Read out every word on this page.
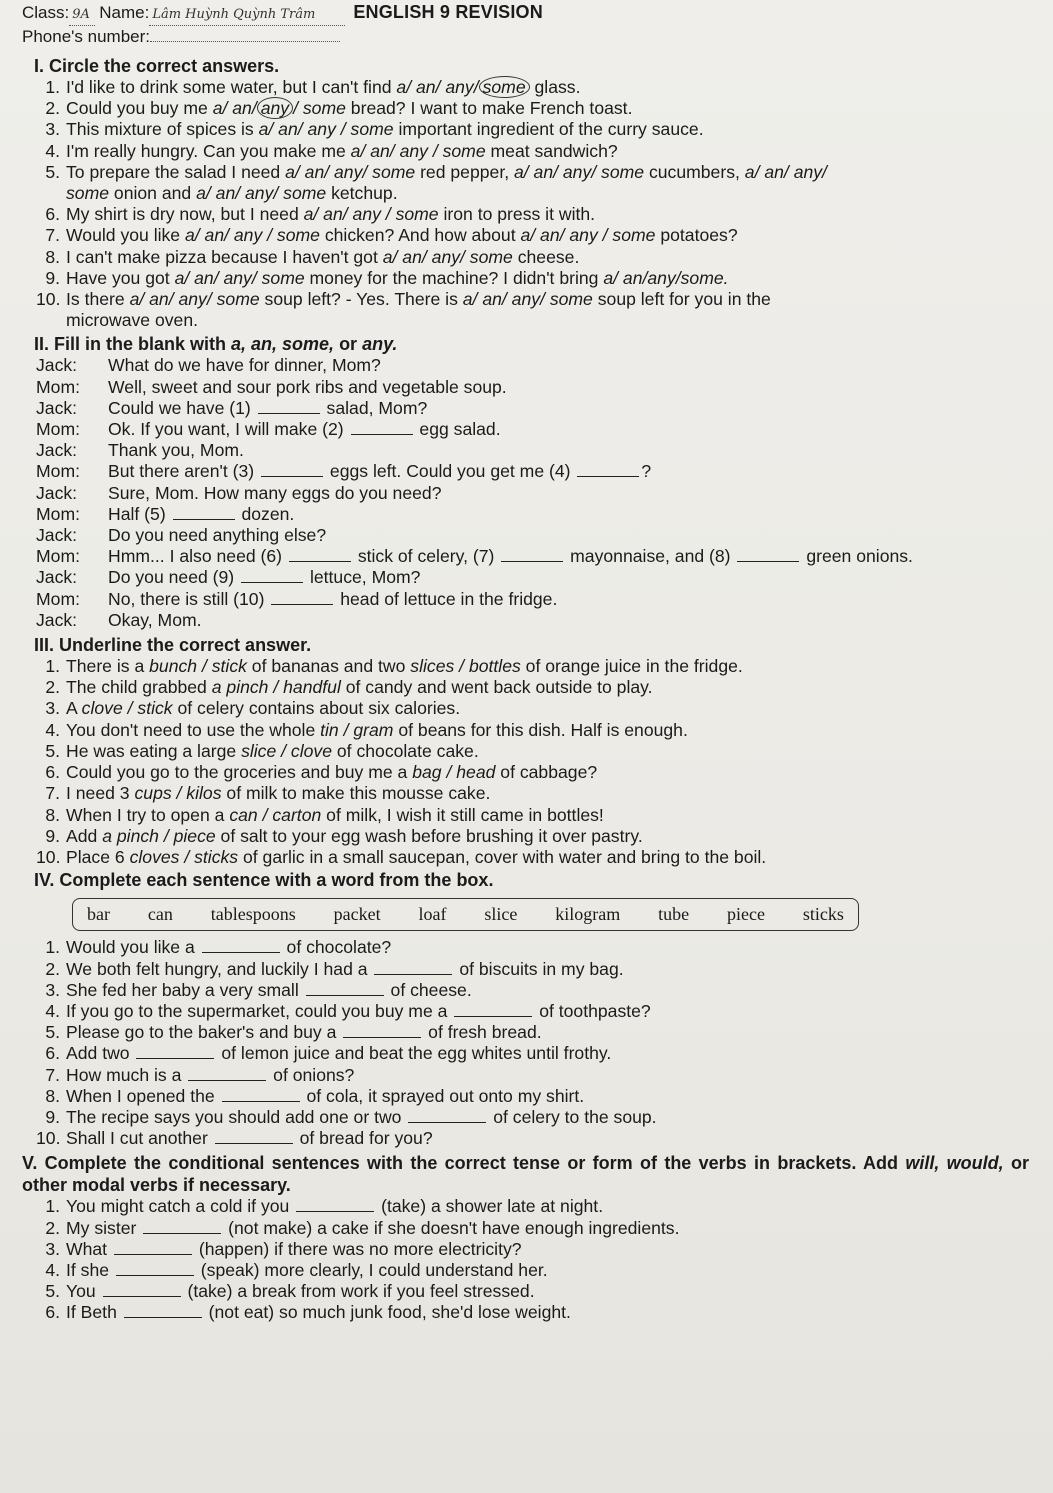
Class: 9A Name: Lâm Huỳnh Quỳnh Trâm	ENGLISH 9 REVISION
Phone's number:
I. Circle the correct answers.
1. I'd like to drink some water, but I can't find a/ an/ any/ some glass.
2. Could you buy me a/ an/ any / some bread? I want to make French toast.
3. This mixture of spices is a/ an/ any / some important ingredient of the curry sauce.
4. I'm really hungry. Can you make me a/ an/ any / some meat sandwich?
5. To prepare the salad I need a/ an/ any/ some red pepper, a/ an/ any/ some cucumbers, a/ an/ any/
some onion and a/ an/ any/ some ketchup.
6. My shirt is dry now, but I need a/ an/ any / some iron to press it with.
7. Would you like a/ an/ any / some chicken? And how about a/ an/ any / some potatoes?
8. I can't make pizza because I haven't got a/ an/ any/ some cheese.
9. Have you got a/ an/ any/ some money for the machine? I didn't bring a/ an/any/some.
10. Is there a/ an/ any/ some soup left? - Yes. There is a/ an/ any/ some soup left for you in the
microwave oven.
II. Fill in the blank with a, an, some, or any.
Jack:	What do we have for dinner, Mom?
Mom:	Well, sweet and sour pork ribs and vegetable soup.
Jack:	Could we have (1)	salad, Mom?
Mom:	Ok. If you want, I will make (2)	egg salad.
Jack:	Thank you, Mom.
Mom:	But there aren't (3)	eggs left. Could you get me (4)	?
Jack:	Sure, Mom. How many eggs do you need?
Mom:	Half (5)	dozen.
Jack:	Do you need anything else?
Mom:	Hmm... I also need (6)	stick of celery, (7)	mayonnaise, and (8)	green onions.
Jack:	Do you need (9)	lettuce, Mom?
Mom:	No, there is still (10)	head of lettuce in the fridge.
Jack:	Okay, Mom.
III. Underline the correct answer.
1. There is a bunch / stick of bananas and two slices / bottles of orange juice in the fridge.
2. The child grabbed a pinch / handful of candy and went back outside to play.
3. A clove / stick of celery contains about six calories.
4. You don't need to use the whole tin / gram of beans for this dish. Half is enough.
5. He was eating a large slice / clove of chocolate cake.
6. Could you go to the groceries and buy me a bag / head of cabbage?
7. I need 3 cups / kilos of milk to make this mousse cake.
8. When I try to open a can / carton of milk, I wish it still came in bottles!
9. Add a pinch / piece of salt to your egg wash before brushing it over pastry.
10. Place 6 cloves / sticks of garlic in a small saucepan, cover with water and bring to the boil.
IV. Complete each sentence with a word from the box.
bar can tablespoons packet loaf slice kilogram tube piece sticks
1. Would you like a	of chocolate?
2. We both felt hungry, and luckily I had a	of biscuits in my bag.
3. She fed her baby a very small	of cheese.
4. If you go to the supermarket, could you buy me a	of toothpaste?
5. Please go to the baker's and buy a	of fresh bread.
6. Add two	of lemon juice and beat the egg whites until frothy.
7. How much is a	of onions?
8. When I opened the	of cola, it sprayed out onto my shirt.
9. The recipe says you should add one or two	of celery to the soup.
10. Shall I cut another	of bread for you?
V. Complete the conditional sentences with the correct tense or form of the verbs in brackets. Add will, would, or other modal verbs if necessary.
1. You might catch a cold if you	(take) a shower late at night.
2. My sister	(not make) a cake if she doesn't have enough ingredients.
3. What	(happen) if there was no more electricity?
4. If she	(speak) more clearly, I could understand her.
5. You	(take) a break from work if you feel stressed.
6. If Beth	(not eat) so much junk food, she'd lose weight.
